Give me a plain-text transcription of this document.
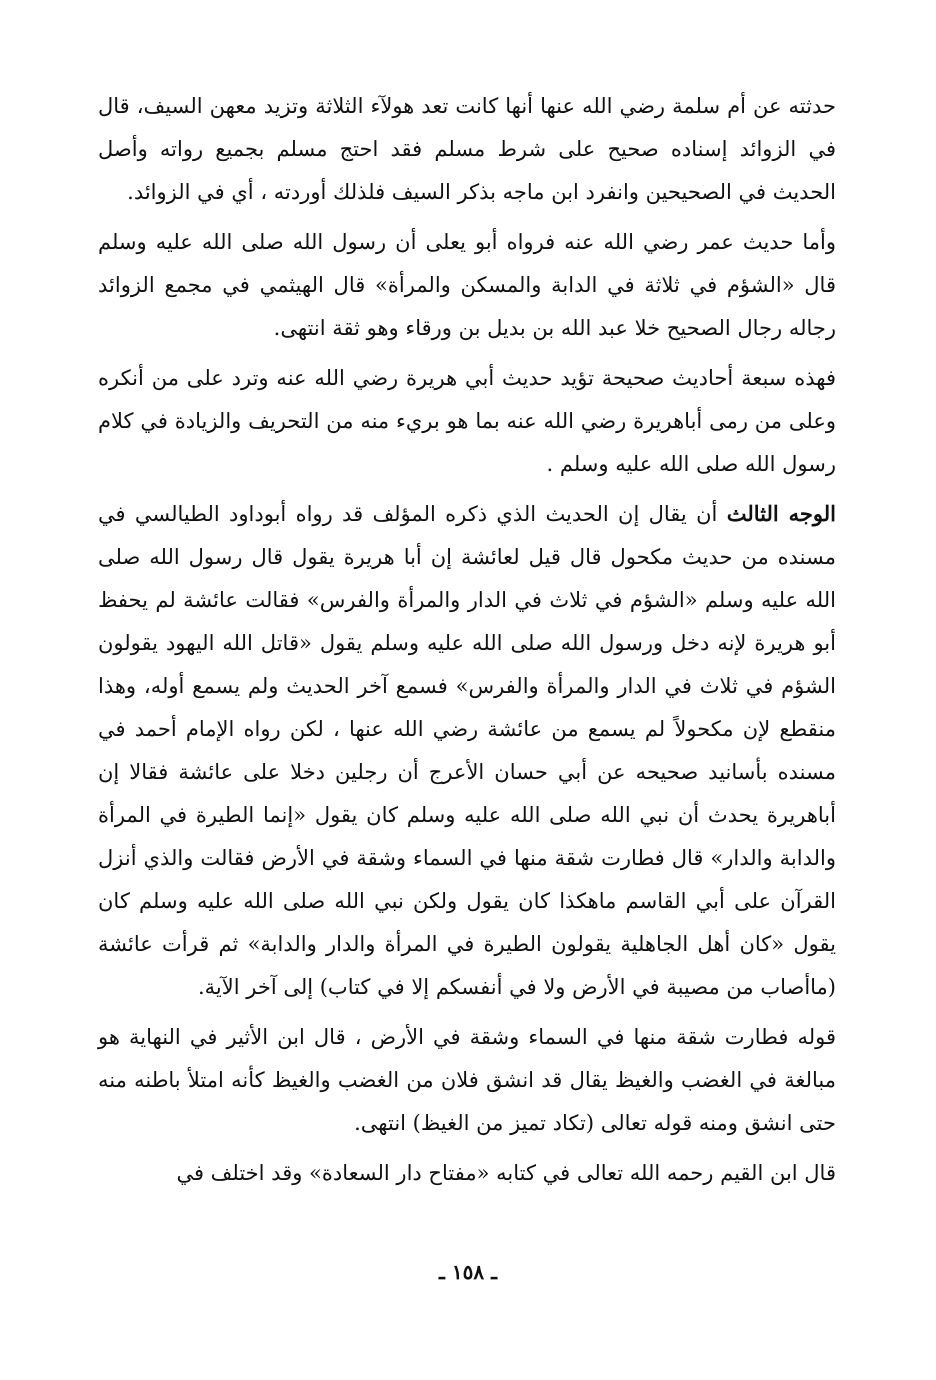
حدثته عن أم سلمة رضي الله عنها أنها كانت تعد هولآء الثلاثة وتزيد معهن السيف، قال في الزوائد إسناده صحيح على شرط مسلم فقد احتج مسلم بجميع رواته وأصل الحديث في الصحيحين وانفرد ابن ماجه بذكر السيف فلذلك أوردته ، أي في الزوائد.

وأما حديث عمر رضي الله عنه فرواه أبو يعلى أن رسول الله صلى الله عليه وسلم قال «الشؤم في ثلاثة في الدابة والمسكن والمرأة» قال الهيثمي في مجمع الزوائد رجاله رجال الصحيح خلا عبد الله بن بديل بن ورقاء وهو ثقة انتهى.

فهذه سبعة أحاديث صحيحة تؤيد حديث أبي هريرة رضي الله عنه وترد على من أنكره وعلى من رمى أباهريرة رضي الله عنه بما هو بريء منه من التحريف والزيادة في كلام رسول الله صلى الله عليه وسلم .

الوجه الثالث أن يقال إن الحديث الذي ذكره المؤلف قد رواه أبوداود الطيالسي في مسنده من حديث مكحول قال قيل لعائشة إن أبا هريرة يقول قال رسول الله صلى الله عليه وسلم «الشؤم في ثلاث في الدار والمرأة والفرس» فقالت عائشة لم يحفظ أبو هريرة لإنه دخل ورسول الله صلى الله عليه وسلم يقول «قاتل الله اليهود يقولون الشؤم في ثلاث في الدار والمرأة والفرس» فسمع آخر الحديث ولم يسمع أوله، وهذا منقطع لإن مكحولاً لم يسمع من عائشة رضي الله عنها ، لكن رواه الإمام أحمد في مسنده بأسانيد صحيحه عن أبي حسان الأعرج أن رجلين دخلا على عائشة فقالا إن أباهريرة يحدث أن نبي الله صلى الله عليه وسلم كان يقول «إنما الطيرة في المرأة والدابة والدار» قال فطارت شقة منها في السماء وشقة في الأرض فقالت والذي أنزل القرآن على أبي القاسم ماهكذا كان يقول ولكن نبي الله صلى الله عليه وسلم كان يقول «كان أهل الجاهلية يقولون الطيرة في المرأة والدار والدابة» ثم قرأت عائشة (ماأصاب من مصيبة في الأرض ولا في أنفسكم إلا في كتاب) إلى آخر الآية.

قوله فطارت شقة منها في السماء وشقة في الأرض ، قال ابن الأثير في النهاية هو مبالغة في الغضب والغيظ يقال قد انشق فلان من الغضب والغيظ كأنه امتلأ باطنه منه حتى انشق ومنه قوله تعالى (تكاد تميز من الغيظ) انتهى.

قال ابن القيم رحمه الله تعالى في كتابه «مفتاح دار السعادة» وقد اختلف في

ـ ١٥٨ ـ
